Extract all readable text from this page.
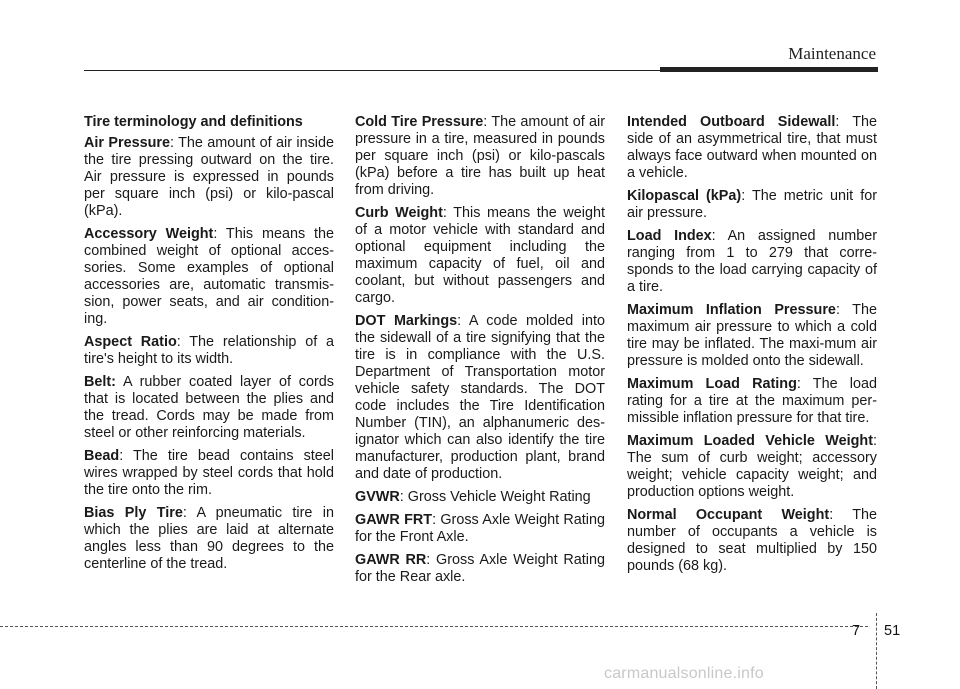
Maintenance
Tire terminology and definitions
Air Pressure: The amount of air inside the tire pressing outward on the tire. Air pressure is expressed in pounds per square inch (psi) or kilo-pascal (kPa).
Accessory Weight: This means the combined weight of optional acces-sories. Some examples of optional accessories are, automatic transmis-sion, power seats, and air condition-ing.
Aspect Ratio: The relationship of a tire's height to its width.
Belt: A rubber coated layer of cords that is located between the plies and the tread. Cords may be made from steel or other reinforcing materials.
Bead: The tire bead contains steel wires wrapped by steel cords that hold the tire onto the rim.
Bias Ply Tire: A pneumatic tire in which the plies are laid at alternate angles less than 90 degrees to the centerline of the tread.
Cold Tire Pressure: The amount of air pressure in a tire, measured in pounds per square inch (psi) or kilo-pascals (kPa) before a tire has built up heat from driving.
Curb Weight: This means the weight of a motor vehicle with standard and optional equipment including the maximum capacity of fuel, oil and coolant, but without passengers and cargo.
DOT Markings: A code molded into the sidewall of a tire signifying that the tire is in compliance with the U.S. Department of Transportation motor vehicle safety standards. The DOT code includes the Tire Identification Number (TIN), an alphanumeric des-ignator which can also identify the tire manufacturer, production plant, brand and date of production.
GVWR: Gross Vehicle Weight Rating
GAWR FRT: Gross Axle Weight Rating for the Front Axle.
GAWR RR: Gross Axle Weight Rating for the Rear axle.
Intended Outboard Sidewall: The side of an asymmetrical tire, that must always face outward when mounted on a vehicle.
Kilopascal (kPa): The metric unit for air pressure.
Load Index: An assigned number ranging from 1 to 279 that corre-sponds to the load carrying capacity of a tire.
Maximum Inflation Pressure: The maximum air pressure to which a cold tire may be inflated. The maxi-mum air pressure is molded onto the sidewall.
Maximum Load Rating: The load rating for a tire at the maximum per-missible inflation pressure for that tire.
Maximum Loaded Vehicle Weight: The sum of curb weight; accessory weight; vehicle capacity weight; and production options weight.
Normal Occupant Weight: The number of occupants a vehicle is designed to seat multiplied by 150 pounds (68 kg).
7 51
carmanualsonline.info
